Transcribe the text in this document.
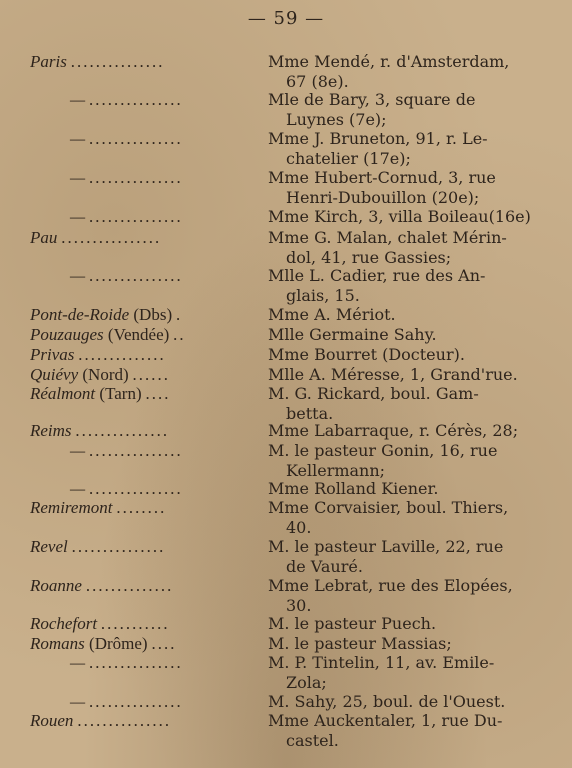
— 59 —
Paris ...............	Mme Mendé, r. d'Amsterdam,
67 (8e).
— ...............	Mle de Bary, 3, square de
Luynes (7e);
— ...............	Mme J. Bruneton, 91, r. Le-
chatelier (17e);
— ...............	Mme Hubert-Cornud, 3, rue
Henri-Dubouillon (20e);
— ...............	Mme Kirch, 3, villa Boileau(16e)
Pau ................	Mme G. Malan, chalet Mérin-
dol, 41, rue Gassies;
— ...............	Mlle L. Cadier, rue des An-
glais, 15.
Pont-de-Roide (Dbs) .	Mme A. Mériot.
Pouzauges (Vendée) ..	Mlle Germaine Sahy.
Privas ..............	Mme Bourret (Docteur).
Quiévy (Nord) ......	Mlle A. Méresse, 1, Grand'rue.
Réalmont (Tarn) ....	M. G. Rickard, boul. Gam-
betta.
Reims ...............	Mme Labarraque, r. Cérès, 28;
— ...............	M. le pasteur Gonin, 16, rue
Kellermann;
— ...............	Mme Rolland Kiener.
Remiremont ........	Mme Corvaisier, boul. Thiers,
40.
Revel ...............	M. le pasteur Laville, 22, rue
de Vauré.
Roanne ..............	Mme Lebrat, rue des Elopées,
30.
Rochefort ...........	M. le pasteur Puech.
Romans (Drôme) ....	M. le pasteur Massias;
— ...............	M. P. Tintelin, 11, av. Emile-
Zola;
— ...............	M. Sahy, 25, boul. de l'Ouest.
Rouen ...............	Mme Auckentaler, 1, rue Du-
castel.
